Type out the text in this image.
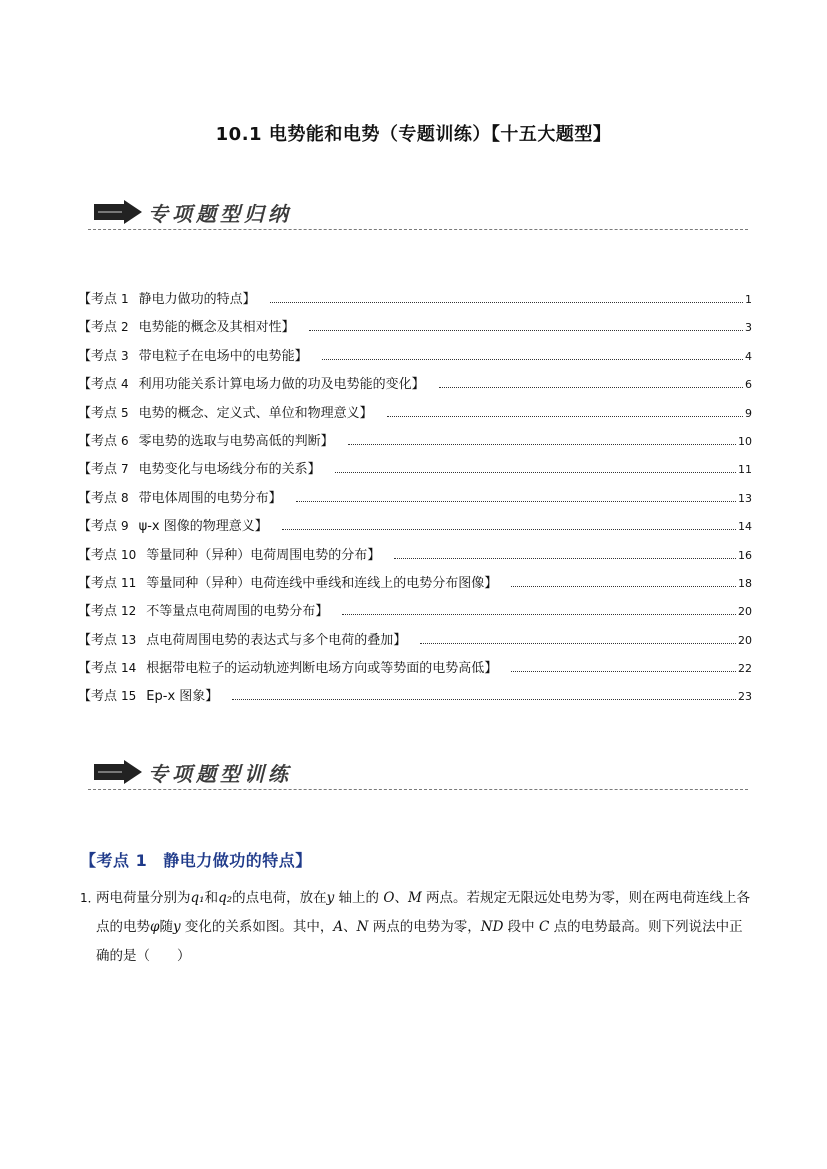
10.1 电势能和电势（专题训练）【十五大题型】
专项题型归纳
【考点 1 静电力做功的特点】	1
【考点 2 电势能的概念及其相对性】	3
【考点 3 带电粒子在电场中的电势能】	4
【考点 4 利用功能关系计算电场力做的功及电势能的变化】	6
【考点 5 电势的概念、定义式、单位和物理意义】	9
【考点 6 零电势的选取与电势高低的判断】	10
【考点 7 电势变化与电场线分布的关系】	11
【考点 8 带电体周围的电势分布】	13
【考点 9 ψ-x 图像的物理意义】	14
【考点 10 等量同种（异种）电荷周围电势的分布】	16
【考点 11 等量同种（异种）电荷连线中垂线和连线上的电势分布图像】	18
【考点 12 不等量点电荷周围的电势分布】	20
【考点 13 点电荷周围电势的表达式与多个电荷的叠加】	20
【考点 14 根据带电粒子的运动轨迹判断电场方向或等势面的电势高低】	22
【考点 15 Ep-x 图象】	23
专项题型训练
【考点 1 静电力做功的特点】
1．
两电荷量分别为q₁和q₂的点电荷，放在y 轴上的 O、M 两点。若规定无限远处电势为零，则在两电荷连线上各点的电势φ随y 变化的关系如图。其中，A、N 两点的电势为零，ND 段中 C 点的电势最高。则下列说法中正确的是（　　）
